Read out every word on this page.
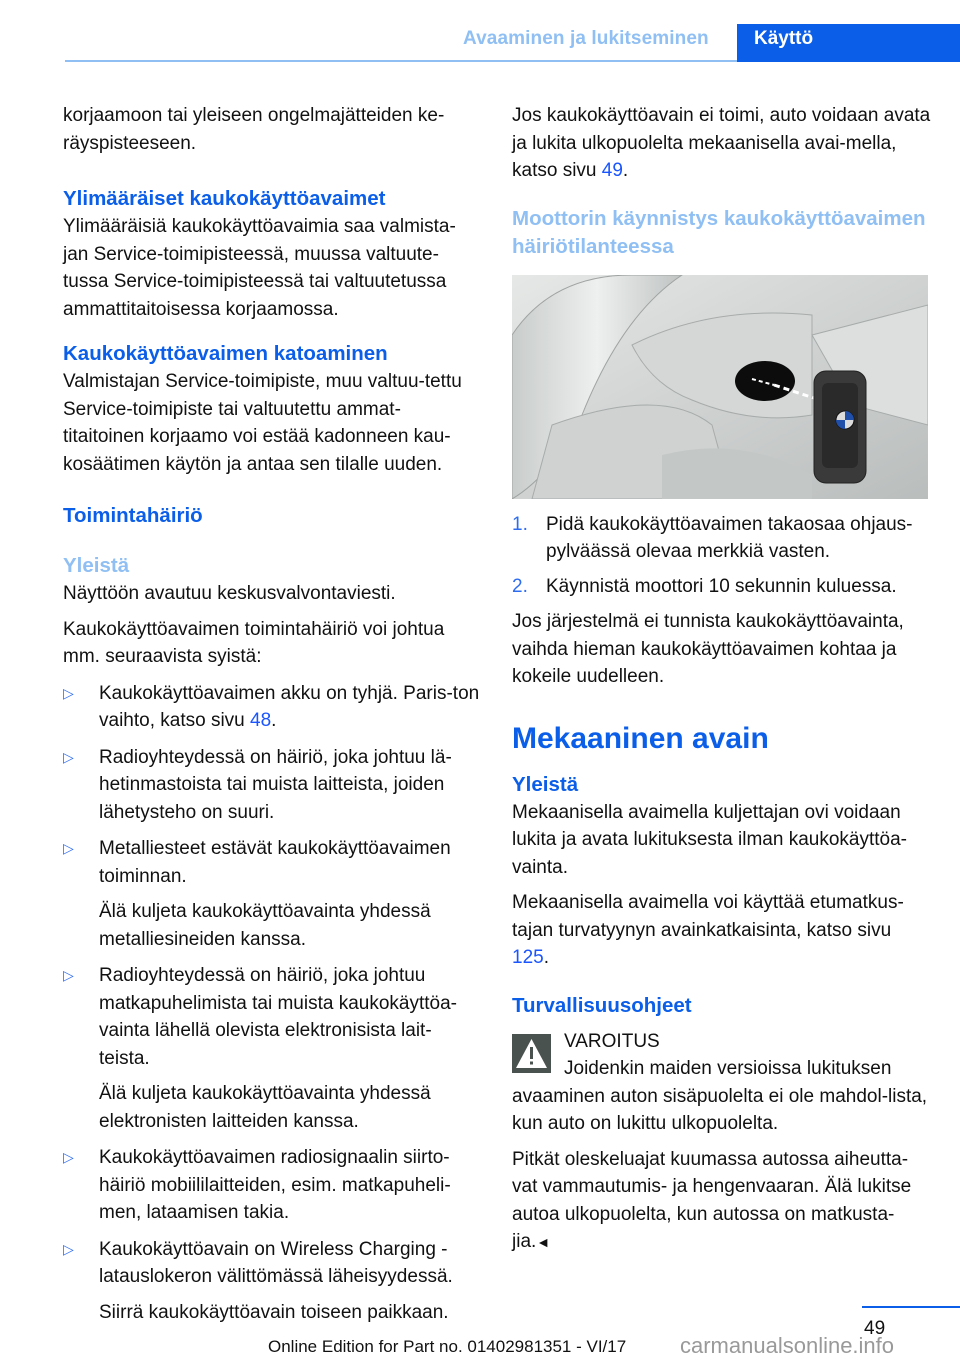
Avaaminen ja lukitseminen Käyttö

korjaamoon tai yleiseen ongelmajätteiden ke-räyspisteeseen.

Ylimääräiset kaukokäyttöavaimet

Ylimääräisiä kaukokäyttöavaimia saa valmista-jan Service-toimipisteessä, muussa valtuute-tussa Service-toimipisteessä tai valtuutetussa ammattitaitoisessa korjaamossa.

Kaukokäyttöavaimen katoaminen

Valmistajan Service-toimipiste, muu valtuu-tettu Service-toimipiste tai valtuutettu ammat-titaitoinen korjaamo voi estää kadonneen kau-kosäätimen käytön ja antaa sen tilalle uuden.

Toimintahäiriö
Yleistä

Näyttöön avautuu keskusvalvontaviesti.

Kaukokäyttöavaimen toimintahäiriö voi johtua mm. seuraavista syistä:

▷ Kaukokäyttöavaimen akku on tyhjä. Paris-ton vaihto, katso sivu 48.
▷ Radioyhteydessä on häiriö, joka johtuu lä-hetinmastoista tai muista laitteista, joiden lähetysteho on suuri.
▷ Metalliesteet estävät kaukokäyttöavaimen toiminnan.
Älä kuljeta kaukokäyttöavainta yhdessä metalliesineiden kanssa.
▷ Radioyhteydessä on häiriö, joka johtuu matkapuhelimista tai muista kaukokäyttöa-vainta lähellä olevista elektronisista lait-teista.
Älä kuljeta kaukokäyttöavainta yhdessä elektronisten laitteiden kanssa.
▷ Kaukokäyttöavaimen radiosignaalin siirto-häiriö mobiililaitteiden, esim. matkapuheli-men, lataamisen takia.
▷ Kaukokäyttöavain on Wireless Charging -latauslokeron välittömässä läheisyydessä.
Siirrä kaukokäyttöavain toiseen paikkaan.

Jos kaukokäyttöavain ei toimi, auto voidaan avata ja lukita ulkopuolelta mekaanisella avai-mella, katso sivu 49.

Moottorin käynnistys kaukokäyttöavaimen häiriötilanteessa
1. Pidä kaukokäyttöavaimen takaosaa ohjaus-pylväässä olevaa merkkiä vasten.
2. Käynnistä moottori 10 sekunnin kuluessa.

Jos järjestelmä ei tunnista kaukokäyttöavainta, vaihda hieman kaukokäyttöavaimen kohtaa ja kokeile uudelleen.

Mekaaninen avain
Yleistä

Mekaanisella avaimella kuljettajan ovi voidaan lukita ja avata lukituksesta ilman kaukokäyttöa-vainta.

Mekaanisella avaimella voi käyttää etumatkus-tajan turvatyynyn avainkatkaisinta, katso sivu 125.

Turvallisuusohjeet
VAROITUS
Joidenkin maiden versioissa lukituksen avaaminen auton sisäpuolelta ei ole mahdol-lista, kun auto on lukittu ulkopuolelta.

Pitkät oleskeluajat kuumassa autossa aiheutta-vat vammautumis- ja hengenvaaran. Älä lukitse autoa ulkopuolelta, kun autossa on matkusta-jia.◄

49
Online Edition for Part no. 01402981351 - VI/17 carmanualsonline.info
